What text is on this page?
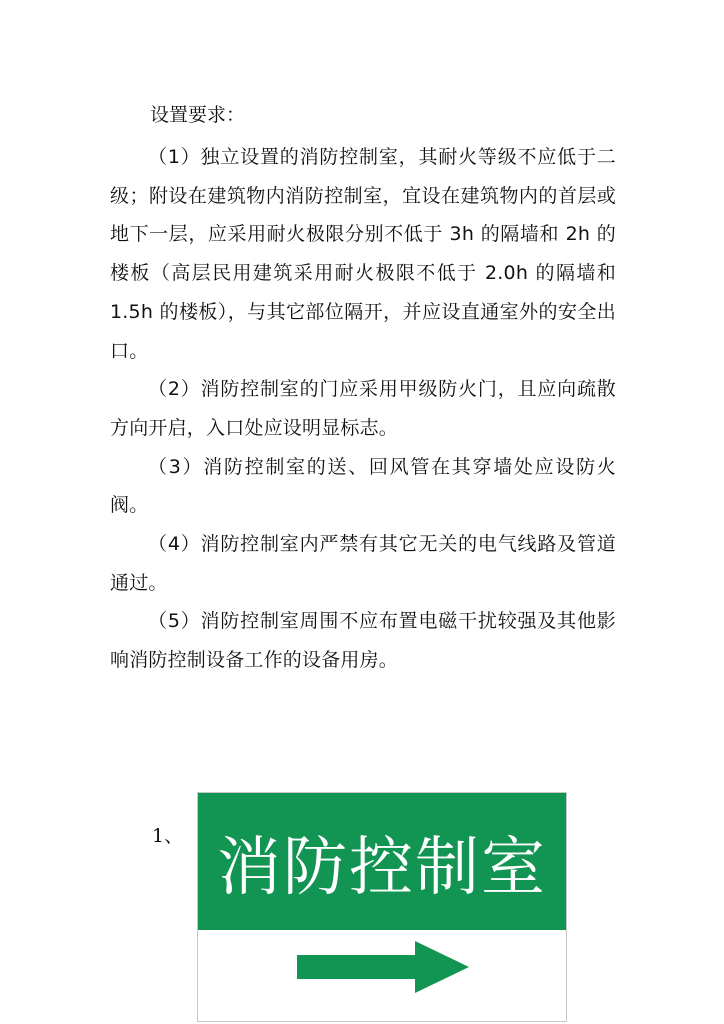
设置要求：

（1）独立设置的消防控制室，其耐火等级不应低于二级；附设在建筑物内消防控制室，宜设在建筑物内的首层或地下一层，应采用耐火极限分别不低于 3h 的隔墙和 2h 的楼板（高层民用建筑采用耐火极限不低于 2.0h 的隔墙和 1.5h 的楼板），与其它部位隔开，并应设直通室外的安全出口。

（2）消防控制室的门应采用甲级防火门，且应向疏散方向开启，入口处应设明显标志。

（3）消防控制室的送、回风管在其穿墙处应设防火阀。

（4）消防控制室内严禁有其它无关的电气线路及管道通过。

（5）消防控制室周围不应布置电磁干扰较强及其他影响消防控制设备工作的设备用房。

1、 消防控制室
